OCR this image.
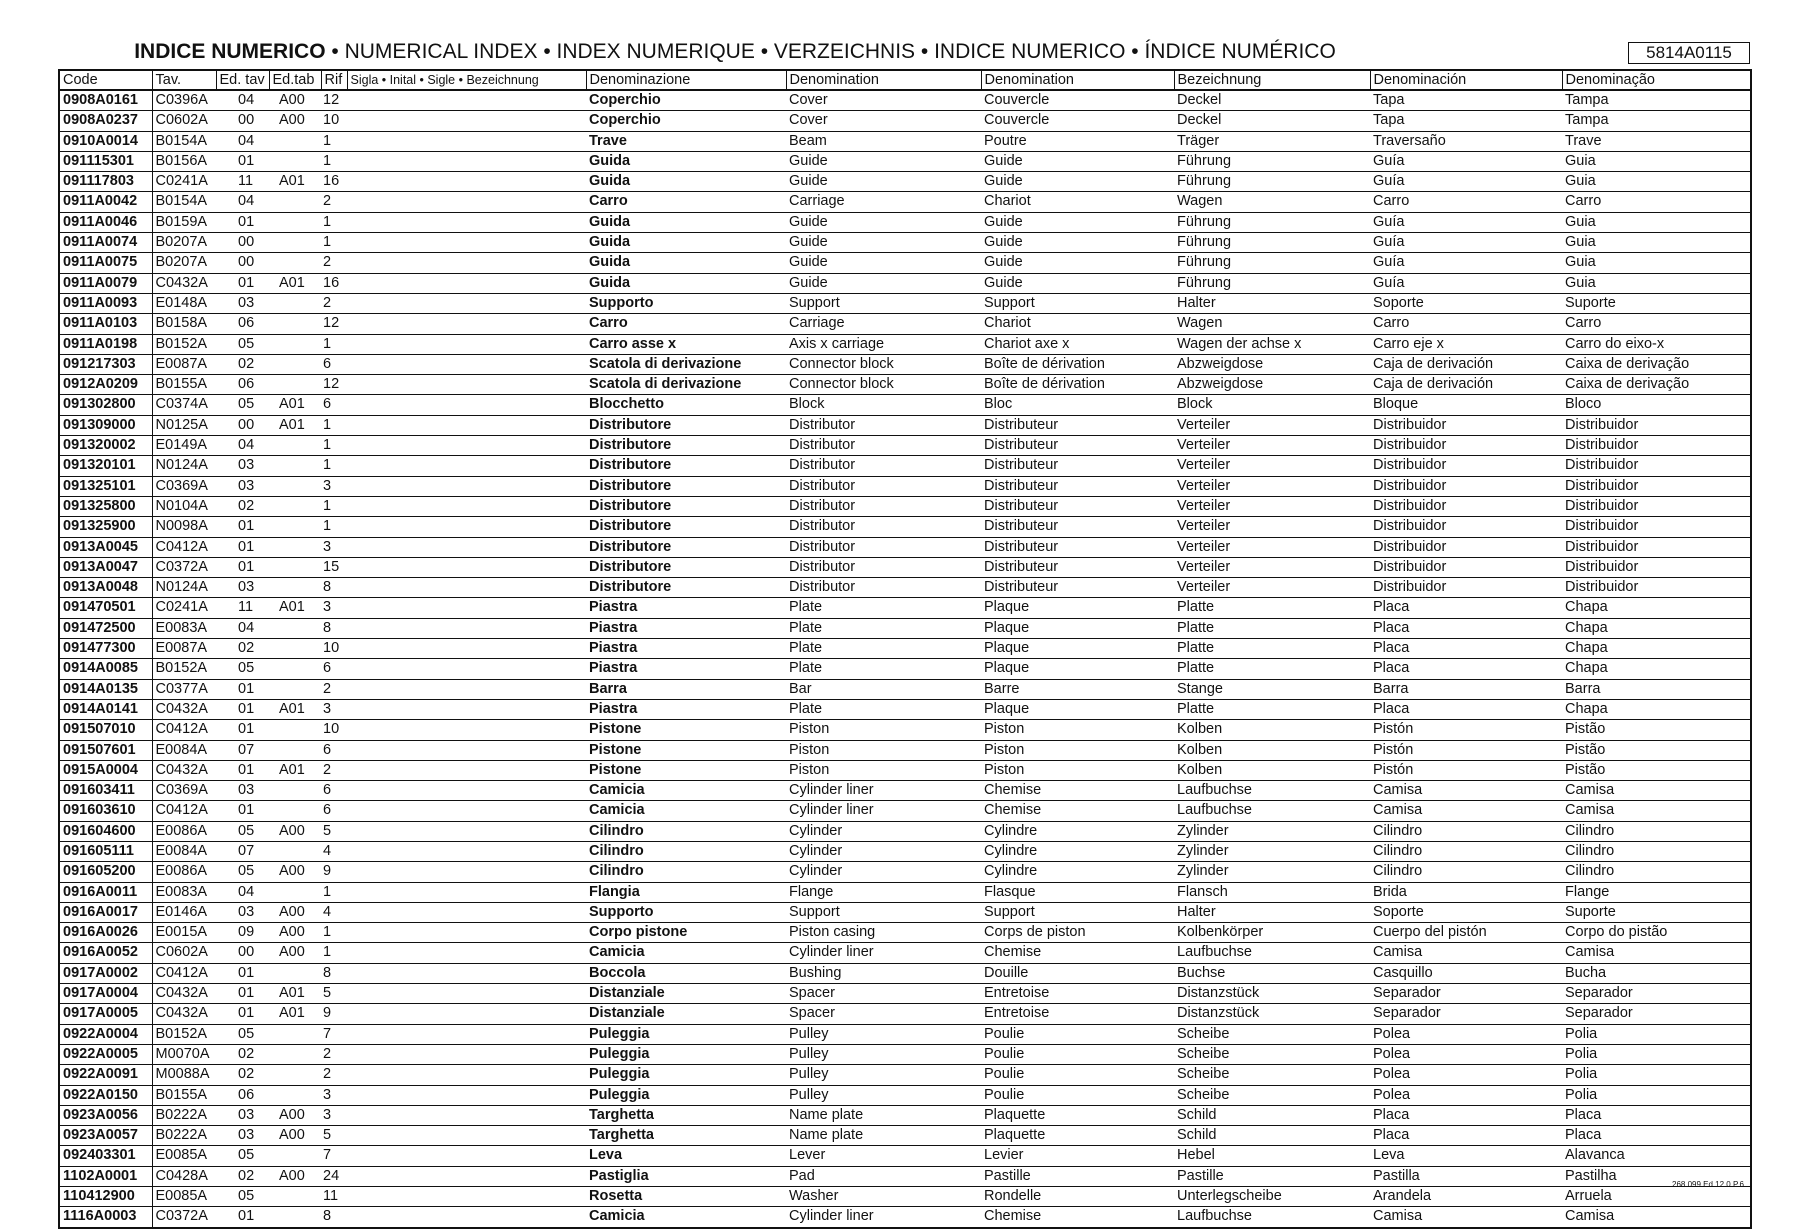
INDICE NUMERICO • NUMERICAL INDEX • INDEX NUMERIQUE • VERZEICHNIS • INDICE NUMERICO • ÍNDICE NUMÉRICO	5814A0115
Code	Tav.	Ed. tav	Ed.tab	Rif	Sigla • Inital • Sigle • Bezeichnung	Denominazione	Denomination	Denomination	Bezeichnung	Denominación	Denominação
0908A0161	C0396A	04	A00	12		Coperchio	Cover	Couvercle	Deckel	Tapa	Tampa
0908A0237	C0602A	00	A00	10		Coperchio	Cover	Couvercle	Deckel	Tapa	Tampa
0910A0014	B0154A	04		1		Trave	Beam	Poutre	Träger	Traversaño	Trave
091115301	B0156A	01		1		Guida	Guide	Guide	Führung	Guía	Guia
091117803	C0241A	11	A01	16		Guida	Guide	Guide	Führung	Guía	Guia
0911A0042	B0154A	04		2		Carro	Carriage	Chariot	Wagen	Carro	Carro
0911A0046	B0159A	01		1		Guida	Guide	Guide	Führung	Guía	Guia
0911A0074	B0207A	00		1		Guida	Guide	Guide	Führung	Guía	Guia
0911A0075	B0207A	00		2		Guida	Guide	Guide	Führung	Guía	Guia
0911A0079	C0432A	01	A01	16		Guida	Guide	Guide	Führung	Guía	Guia
0911A0093	E0148A	03		2		Supporto	Support	Support	Halter	Soporte	Suporte
0911A0103	B0158A	06		12		Carro	Carriage	Chariot	Wagen	Carro	Carro
0911A0198	B0152A	05		1		Carro asse x	Axis x carriage	Chariot axe x	Wagen der achse x	Carro eje x	Carro do eixo-x
091217303	E0087A	02		6		Scatola di derivazione	Connector block	Boîte de dérivation	Abzweigdose	Caja de derivación	Caixa de derivação
0912A0209	B0155A	06		12		Scatola di derivazione	Connector block	Boîte de dérivation	Abzweigdose	Caja de derivación	Caixa de derivação
091302800	C0374A	05	A01	6		Blocchetto	Block	Bloc	Block	Bloque	Bloco
091309000	N0125A	00	A01	1		Distributore	Distributor	Distributeur	Verteiler	Distribuidor	Distribuidor
091320002	E0149A	04		1		Distributore	Distributor	Distributeur	Verteiler	Distribuidor	Distribuidor
091320101	N0124A	03		1		Distributore	Distributor	Distributeur	Verteiler	Distribuidor	Distribuidor
091325101	C0369A	03		3		Distributore	Distributor	Distributeur	Verteiler	Distribuidor	Distribuidor
091325800	N0104A	02		1		Distributore	Distributor	Distributeur	Verteiler	Distribuidor	Distribuidor
091325900	N0098A	01		1		Distributore	Distributor	Distributeur	Verteiler	Distribuidor	Distribuidor
0913A0045	C0412A	01		3		Distributore	Distributor	Distributeur	Verteiler	Distribuidor	Distribuidor
0913A0047	C0372A	01		15		Distributore	Distributor	Distributeur	Verteiler	Distribuidor	Distribuidor
0913A0048	N0124A	03		8		Distributore	Distributor	Distributeur	Verteiler	Distribuidor	Distribuidor
091470501	C0241A	11	A01	3		Piastra	Plate	Plaque	Platte	Placa	Chapa
091472500	E0083A	04		8		Piastra	Plate	Plaque	Platte	Placa	Chapa
091477300	E0087A	02		10		Piastra	Plate	Plaque	Platte	Placa	Chapa
0914A0085	B0152A	05		6		Piastra	Plate	Plaque	Platte	Placa	Chapa
0914A0135	C0377A	01		2		Barra	Bar	Barre	Stange	Barra	Barra
0914A0141	C0432A	01	A01	3		Piastra	Plate	Plaque	Platte	Placa	Chapa
091507010	C0412A	01		10		Pistone	Piston	Piston	Kolben	Pistón	Pistão
091507601	E0084A	07		6		Pistone	Piston	Piston	Kolben	Pistón	Pistão
0915A0004	C0432A	01	A01	2		Pistone	Piston	Piston	Kolben	Pistón	Pistão
091603411	C0369A	03		6		Camicia	Cylinder liner	Chemise	Laufbuchse	Camisa	Camisa
091603610	C0412A	01		6		Camicia	Cylinder liner	Chemise	Laufbuchse	Camisa	Camisa
091604600	E0086A	05	A00	5		Cilindro	Cylinder	Cylindre	Zylinder	Cilindro	Cilindro
091605111	E0084A	07		4		Cilindro	Cylinder	Cylindre	Zylinder	Cilindro	Cilindro
091605200	E0086A	05	A00	9		Cilindro	Cylinder	Cylindre	Zylinder	Cilindro	Cilindro
0916A0011	E0083A	04		1		Flangia	Flange	Flasque	Flansch	Brida	Flange
0916A0017	E0146A	03	A00	4		Supporto	Support	Support	Halter	Soporte	Suporte
0916A0026	E0015A	09	A00	1		Corpo pistone	Piston casing	Corps de piston	Kolbenkörper	Cuerpo del pistón	Corpo do pistão
0916A0052	C0602A	00	A00	1		Camicia	Cylinder liner	Chemise	Laufbuchse	Camisa	Camisa
0917A0002	C0412A	01		8		Boccola	Bushing	Douille	Buchse	Casquillo	Bucha
0917A0004	C0432A	01	A01	5		Distanziale	Spacer	Entretoise	Distanzstück	Separador	Separador
0917A0005	C0432A	01	A01	9		Distanziale	Spacer	Entretoise	Distanzstück	Separador	Separador
0922A0004	B0152A	05		7		Puleggia	Pulley	Poulie	Scheibe	Polea	Polia
0922A0005	M0070A	02		2		Puleggia	Pulley	Poulie	Scheibe	Polea	Polia
0922A0091	M0088A	02		2		Puleggia	Pulley	Poulie	Scheibe	Polea	Polia
0922A0150	B0155A	06		3		Puleggia	Pulley	Poulie	Scheibe	Polea	Polia
0923A0056	B0222A	03	A00	3		Targhetta	Name plate	Plaquette	Schild	Placa	Placa
0923A0057	B0222A	03	A00	5		Targhetta	Name plate	Plaquette	Schild	Placa	Placa
092403301	E0085A	05		7		Leva	Lever	Levier	Hebel	Leva	Alavanca
1102A0001	C0428A	02	A00	24		Pastiglia	Pad	Pastille	Pastille	Pastilla	Pastilha
110412900	E0085A	05		11		Rosetta	Washer	Rondelle	Unterlegscheibe	Arandela	Arruela
1116A0003	C0372A	01		8		Camicia	Cylinder liner	Chemise	Laufbuchse	Camisa	Camisa
268.099 Ed.12.0 P.6
